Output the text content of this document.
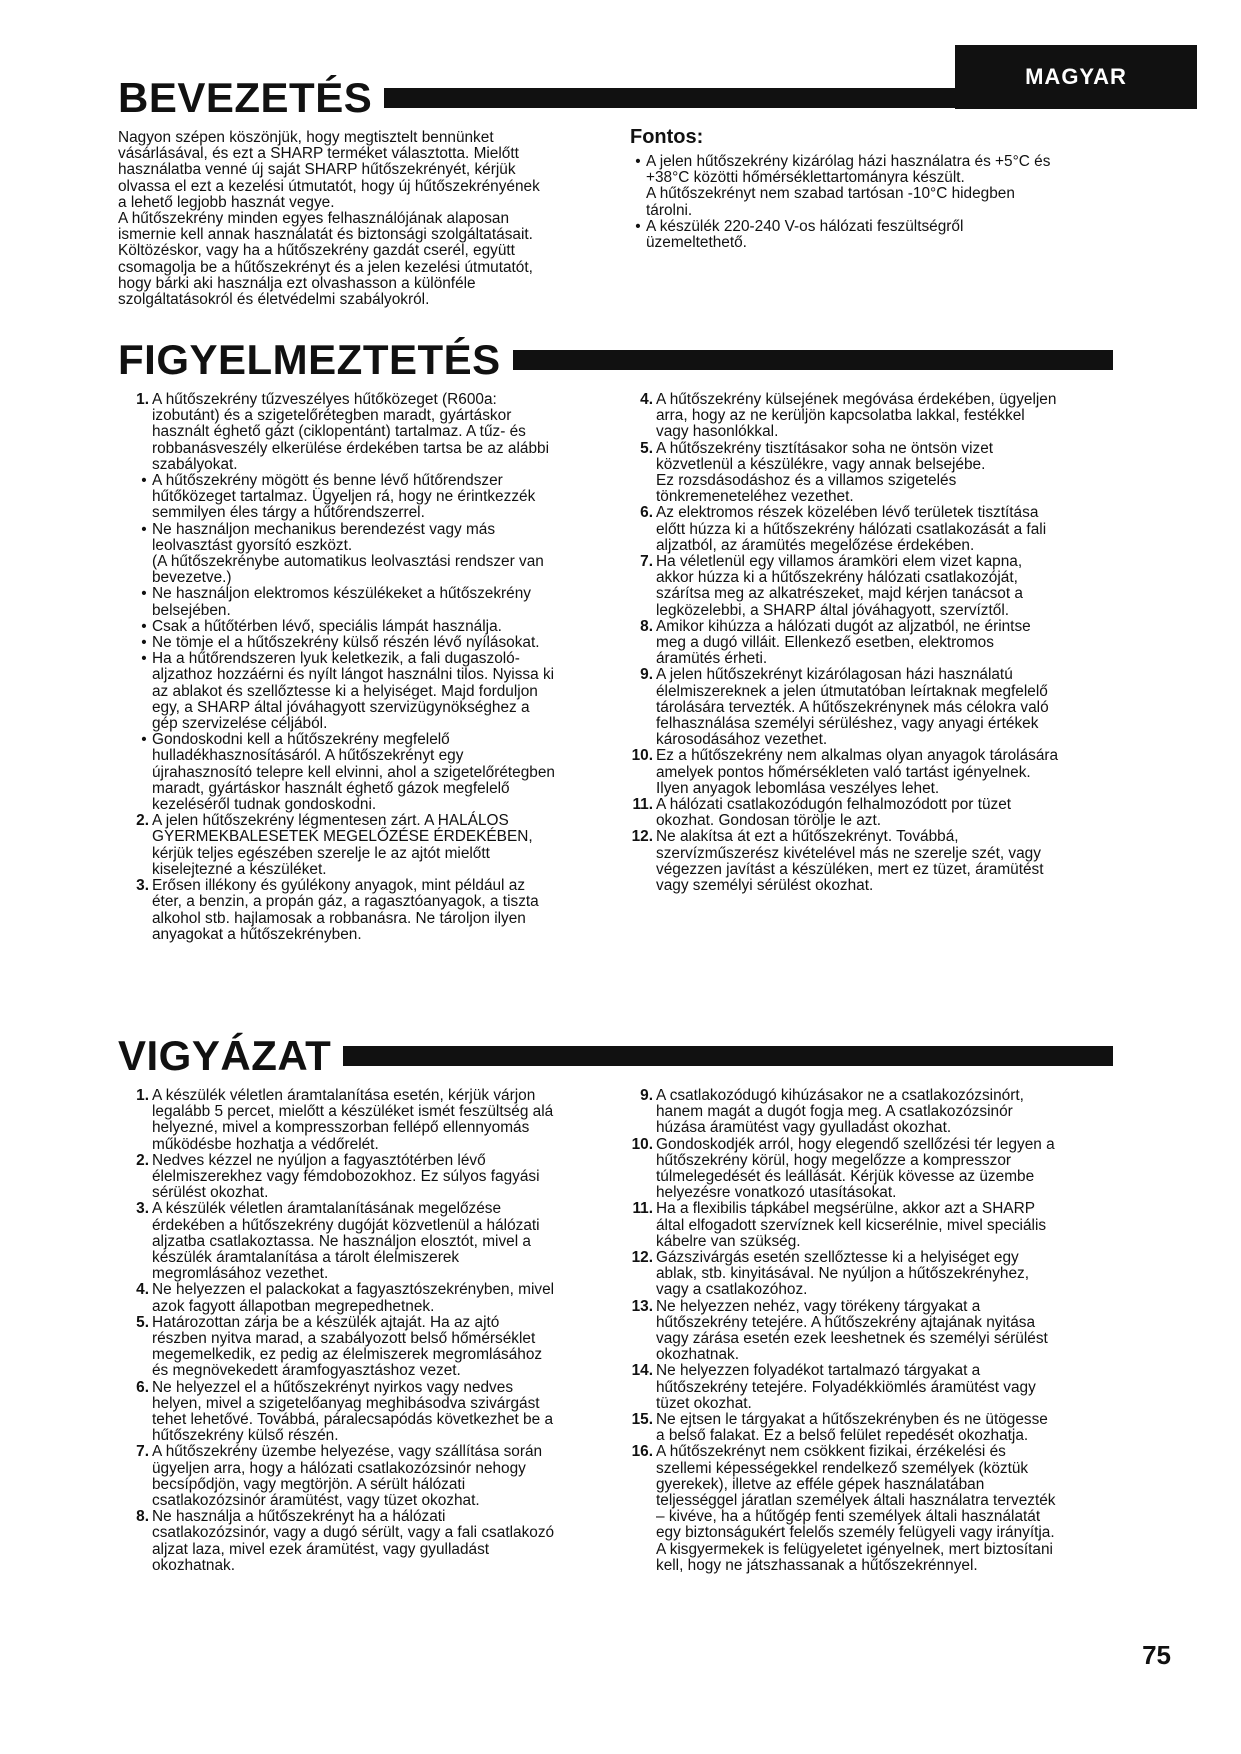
MAGYAR
BEVEZETÉS

Nagyon szépen köszönjük, hogy megtisztelt bennünket
vásárlásával, és ezt a SHARP terméket választotta. Mielőtt
használatba venné új saját SHARP hűtőszekrényét, kérjük
olvassa el ezt a kezelési útmutatót, hogy új hűtőszekrényének
a lehető legjobb hasznát vegye.

A hűtőszekrény minden egyes felhasználójának alaposan
ismernie kell annak használatát és biztonsági szolgáltatásait.
Költözéskor, vagy ha a hűtőszekrény gazdát cserél, együtt
csomagolja be a hűtőszekrényt és a jelen kezelési útmutatót,
hogy bárki aki használja ezt olvashasson a különféle
szolgáltatásokról és életvédelmi szabályokról.

Fontos:

• A jelen hűtőszekrény kizárólag házi használatra és +5°C és
+38°C közötti hőmérséklettartományra készült.
A hűtőszekrényt nem szabad tartósan -10°C hidegben
tárolni.
• A készülék 220-240 V-os hálózati feszültségről
üzemeltethető.
FIGYELMEZTETÉS
1. A hűtőszekrény tűzveszélyes hűtőközeget (R600a:
izobutánt) és a szigetelőrétegben maradt, gyártáskor
használt éghető gázt (ciklopentánt) tartalmaz. A tűz- és
robbanásveszély elkerülése érdekében tartsa be az alábbi
szabályokat.
• A hűtőszekrény mögött és benne lévő hűtőrendszer
hűtőközeget tartalmaz. Ügyeljen rá, hogy ne érintkezzék
semmilyen éles tárgy a hűtőrendszerrel.
• Ne használjon mechanikus berendezést vagy más
leolvasztást gyorsító eszközt.
(A hűtőszekrénybe automatikus leolvasztási rendszer van
bevezetve.)
• Ne használjon elektromos készülékeket a hűtőszekrény
belsejében.
• Csak a hűtőtérben lévő, speciális lámpát használja.
• Ne tömje el a hűtőszekrény külső részén lévő nyílásokat.
• Ha a hűtőrendszeren lyuk keletkezik, a fali dugaszoló-
aljzathoz hozzáérni és nyílt lángot használni tilos. Nyissa ki
az ablakot és szellőztesse ki a helyiséget. Majd forduljon
egy, a SHARP által jóváhagyott szervizügynökséghez a
gép szervizelése céljából.
• Gondoskodni kell a hűtőszekrény megfelelő
hulladékhasznosításáról. A hűtőszekrényt egy
újrahasznosító telepre kell elvinni, ahol a szigetelőrétegben
maradt, gyártáskor használt éghető gázok megfelelő
kezeléséről tudnak gondoskodni.
2. A jelen hűtőszekrény légmentesen zárt. A HALÁLOS
GYERMEKBALESETEK MEGELŐZÉSE ÉRDEKÉBEN,
kérjük teljes egészében szerelje le az ajtót mielőtt
kiselejtezné a készüléket.
3. Erősen illékony és gyúlékony anyagok, mint például az
éter, a benzin, a propán gáz, a ragasztóanyagok, a tiszta
alkohol stb. hajlamosak a robbanásra. Ne tároljon ilyen
anyagokat a hűtőszekrényben.
4. A hűtőszekrény külsejének megóvása érdekében, ügyeljen
arra, hogy az ne kerüljön kapcsolatba lakkal, festékkel
vagy hasonlókkal.
5. A hűtőszekrény tisztításakor soha ne öntsön vizet
közvetlenül a készülékre, vagy annak belsejébe.
Ez rozsdásodáshoz és a villamos szigetelés
tönkremeneteléhez vezethet.
6. Az elektromos részek közelében lévő területek tisztítása
előtt húzza ki a hűtőszekrény hálózati csatlakozását a fali
aljzatból, az áramütés megelőzése érdekében.
7. Ha véletlenül egy villamos áramköri elem vizet kapna,
akkor húzza ki a hűtőszekrény hálózati csatlakozóját,
szárítsa meg az alkatrészeket, majd kérjen tanácsot a
legközelebbi, a SHARP által jóváhagyott, szervíztől.
8. Amikor kihúzza a hálózati dugót az aljzatból, ne érintse
meg a dugó villáit. Ellenkező esetben, elektromos
áramütés érheti.
9. A jelen hűtőszekrényt kizárólagosan házi használatú
élelmiszereknek a jelen útmutatóban leírtaknak megfelelő
tárolására tervezték. A hűtőszekrénynek más célokra való
felhasználása személyi sérüléshez, vagy anyagi értékek
károsodásához vezethet.
10. Ez a hűtőszekrény nem alkalmas olyan anyagok tárolására
amelyek pontos hőmérsékleten való tartást igényelnek.
Ilyen anyagok lebomlása veszélyes lehet.
11. A hálózati csatlakozódugón felhalmozódott por tüzet
okozhat. Gondosan törölje le azt.
12. Ne alakítsa át ezt a hűtőszekrényt. Továbbá,
szervízműszerész kivételével más ne szerelje szét, vagy
végezzen javítást a készüléken, mert ez tüzet, áramütést
vagy személyi sérülést okozhat.
VIGYÁZAT
1. A készülék véletlen áramtalanítása esetén, kérjük várjon
legalább 5 percet, mielőtt a készüléket ismét feszültség alá
helyezné, mivel a kompresszorban fellépő ellennyomás
működésbe hozhatja a védőrelét.
2. Nedves kézzel ne nyúljon a fagyasztótérben lévő
élelmiszerekhez vagy fémdobozokhoz. Ez súlyos fagyási
sérülést okozhat.
3. A készülék véletlen áramtalanításának megelőzése
érdekében a hűtőszekrény dugóját közvetlenül a hálózati
aljzatba csatlakoztassa. Ne használjon elosztót, mivel a
készülék áramtalanítása a tárolt élelmiszerek
megromlásához vezethet.
4. Ne helyezzen el palackokat a fagyasztószekrényben, mivel
azok fagyott állapotban megrepedhetnek.
5. Határozottan zárja be a készülék ajtaját. Ha az ajtó
részben nyitva marad, a szabályozott belső hőmérséklet
megemelkedik, ez pedig az élelmiszerek megromlásához
és megnövekedett áramfogyasztáshoz vezet.
6. Ne helyezzel el a hűtőszekrényt nyirkos vagy nedves
helyen, mivel a szigetelőanyag meghibásodva szivárgást
tehet lehetővé. Továbbá, páralecsapódás következhet be a
hűtőszekrény külső részén.
7. A hűtőszekrény üzembe helyezése, vagy szállítása során
ügyeljen arra, hogy a hálózati csatlakozózsinór nehogy
becsípődjön, vagy megtörjön. A sérült hálózati
csatlakozózsinór áramütést, vagy tüzet okozhat.
8. Ne használja a hűtőszekrényt ha a hálózati
csatlakozózsinór, vagy a dugó sérült, vagy a fali csatlakozó
aljzat laza, mivel ezek áramütést, vagy gyulladást
okozhatnak.
9. A csatlakozódugó kihúzásakor ne a csatlakozózsinórt,
hanem magát a dugót fogja meg. A csatlakozózsinór
húzása áramütést vagy gyulladást okozhat.
10. Gondoskodjék arról, hogy elegendő szellőzési tér legyen a
hűtőszekrény körül, hogy megelőzze a kompresszor
túlmelegedését és leállását. Kérjük kövesse az üzembe
helyezésre vonatkozó utasításokat.
11. Ha a flexibilis tápkábel megsérülne, akkor azt a SHARP
által elfogadott szervíznek kell kicserélnie, mivel speciális
kábelre van szükség.
12. Gázszivárgás esetén szellőztesse ki a helyiséget egy
ablak, stb. kinyitásával. Ne nyúljon a hűtőszekrényhez,
vagy a csatlakozóhoz.
13. Ne helyezzen nehéz, vagy törékeny tárgyakat a
hűtőszekrény tetejére. A hűtőszekrény ajtajának nyitása
vagy zárása esetén ezek leeshetnek és személyi sérülést
okozhatnak.
14. Ne helyezzen folyadékot tartalmazó tárgyakat a
hűtőszekrény tetejére. Folyadékkiömlés áramütést vagy
tüzet okozhat.
15. Ne ejtsen le tárgyakat a hűtőszekrényben és ne ütögesse
a belső falakat. Ez a belső felület repedését okozhatja.
16. A hűtőszekrényt nem csökkent fizikai, érzékelési és
szellemi képességekkel rendelkező személyek (köztük
gyerekek), illetve az efféle gépek használatában
teljességgel járatlan személyek általi használatra tervezték
– kivéve, ha a hűtőgép fenti személyek általi használatát
egy biztonságukért felelős személy felügyeli vagy irányítja.
A kisgyermekek is felügyeletet igényelnek, mert biztosítani
kell, hogy ne játszhassanak a hűtőszekrénnyel.
75
